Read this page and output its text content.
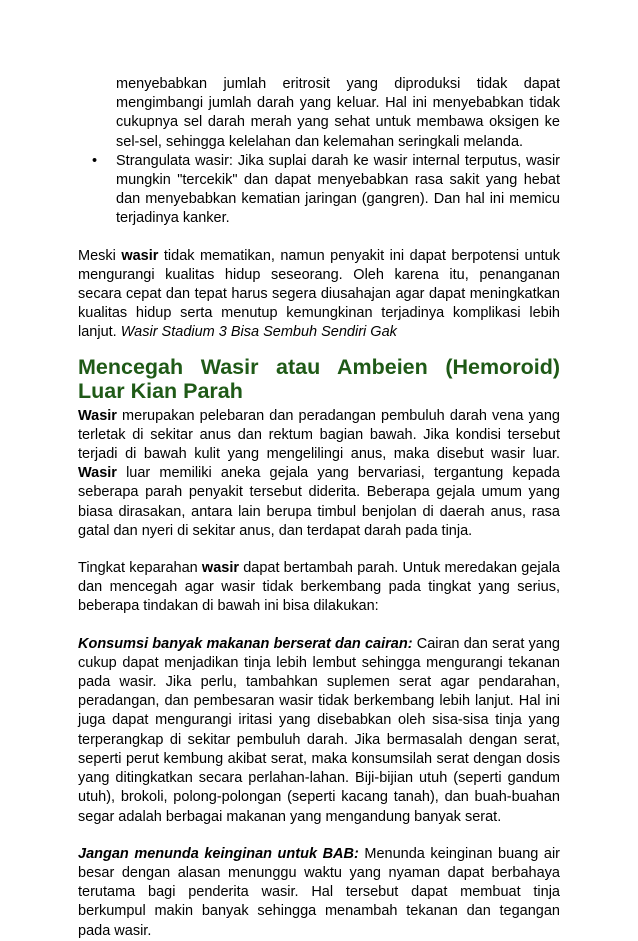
menyebabkan jumlah eritrosit yang diproduksi tidak dapat mengimbangi jumlah darah yang keluar. Hal ini menyebabkan tidak cukupnya sel darah merah yang sehat untuk membawa oksigen ke sel-sel, sehingga kelelahan dan kelemahan seringkali melanda.
• Strangulata wasir: Jika suplai darah ke wasir internal terputus, wasir mungkin "tercekik" dan dapat menyebabkan rasa sakit yang hebat dan menyebabkan kematian jaringan (gangren). Dan hal ini memicu terjadinya kanker.

Meski wasir tidak mematikan, namun penyakit ini dapat berpotensi untuk mengurangi kualitas hidup seseorang. Oleh karena itu, penanganan secara cepat dan tepat harus segera diusahajan agar dapat meningkatkan kualitas hidup serta menutup kemungkinan terjadinya komplikasi lebih lanjut. Wasir Stadium 3 Bisa Sembuh Sendiri Gak

Mencegah Wasir atau Ambeien (Hemoroid) Luar Kian Parah

Wasir merupakan pelebaran dan peradangan pembuluh darah vena yang terletak di sekitar anus dan rektum bagian bawah. Jika kondisi tersebut terjadi di bawah kulit yang mengelilingi anus, maka disebut wasir luar. Wasir luar memiliki aneka gejala yang bervariasi, tergantung kepada seberapa parah penyakit tersebut diderita. Beberapa gejala umum yang biasa dirasakan, antara lain berupa timbul benjolan di daerah anus, rasa gatal dan nyeri di sekitar anus, dan terdapat darah pada tinja.

Tingkat keparahan wasir dapat bertambah parah. Untuk meredakan gejala dan mencegah agar wasir tidak berkembang pada tingkat yang serius, beberapa tindakan di bawah ini bisa dilakukan:

Konsumsi banyak makanan berserat dan cairan: Cairan dan serat yang cukup dapat menjadikan tinja lebih lembut sehingga mengurangi tekanan pada wasir. Jika perlu, tambahkan suplemen serat agar pendarahan, peradangan, dan pembesaran wasir tidak berkembang lebih lanjut. Hal ini juga dapat mengurangi iritasi yang disebabkan oleh sisa-sisa tinja yang terperangkap di sekitar pembuluh darah. Jika bermasalah dengan serat, seperti perut kembung akibat serat, maka konsumsilah serat dengan dosis yang ditingkatkan secara perlahan-lahan. Biji-bijian utuh (seperti gandum utuh), brokoli, polong-polongan (seperti kacang tanah), dan buah-buahan segar adalah berbagai makanan yang mengandung banyak serat.

Jangan menunda keinginan untuk BAB: Menunda keinginan buang air besar dengan alasan menunggu waktu yang nyaman dapat berbahaya terutama bagi penderita wasir. Hal tersebut dapat membuat tinja berkumpul makin banyak sehingga menambah tekanan dan tegangan pada wasir.
